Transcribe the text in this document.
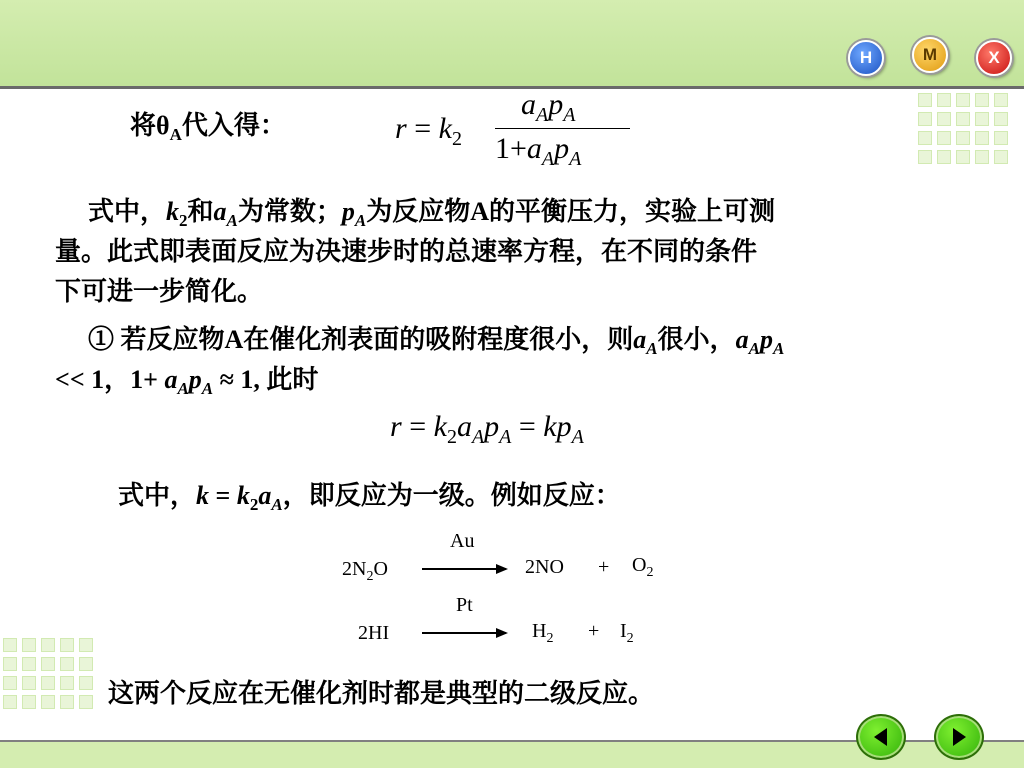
H	M	X
将$\theta_A$代入得：	$r = k_2$
$a_Ap_A$
$1+a_Ap_A$
式中，$k_2$和$a_A$为常数；$p_A$为反应物A的平衡压力，实验上可测
量。此式即表面反应为决速步时的总速率方程，在不同的条件
下可进一步简化。
① 若反应物A在催化剂表面的吸附程度很小，则$a_A$很小，$a_Ap_A$
<< 1，$1+ a_Ap_A \approx 1$, 此时
$r = k_2a_Ap_A = kp_A$
式中，$k = k_2a_A$，即反应为一级。例如反应：
Au
$2N_2O$	$2NO + O_2$
Pt
2HI	$H_2 + I_2$
这两个反应在无催化剂时都是典型的二级反应。
